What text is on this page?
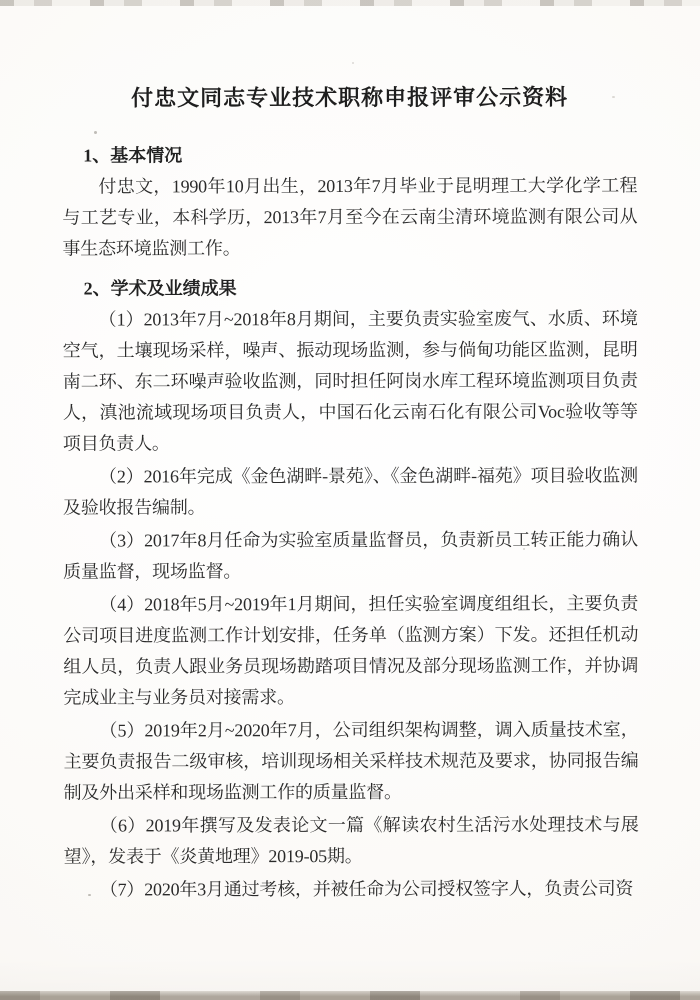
付忠文同志专业技术职称申报评审公示资料
1、基本情况

付忠文，1990年10月出生，2013年7月毕业于昆明理工大学化学工程与工艺专业，本科学历，2013年7月至今在云南尘清环境监测有限公司从事生态环境监测工作。

2、学术及业绩成果

（1）2013年7月~2018年8月期间，主要负责实验室废气、水质、环境空气，土壤现场采样，噪声、振动现场监测，参与倘甸功能区监测，昆明南二环、东二环噪声验收监测，同时担任阿岗水库工程环境监测项目负责人，滇池流域现场项目负责人，中国石化云南石化有限公司Voc验收等等项目负责人。

（2）2016年完成《金色湖畔-景苑》、《金色湖畔-福苑》项目验收监测及验收报告编制。

（3）2017年8月任命为实验室质量监督员，负责新员工转正能力确认质量监督，现场监督。

（4）2018年5月~2019年1月期间，担任实验室调度组组长，主要负责公司项目进度监测工作计划安排，任务单（监测方案）下发。还担任机动组人员，负责人跟业务员现场勘踏项目情况及部分现场监测工作，并协调完成业主与业务员对接需求。

（5）2019年2月~2020年7月，公司组织架构调整，调入质量技术室，主要负责报告二级审核，培训现场相关采样技术规范及要求，协同报告编制及外出采样和现场监测工作的质量监督。

（6）2019年撰写及发表论文一篇《解读农村生活污水处理技术与展望》，发表于《炎黄地理》2019-05期。

（7）2020年3月通过考核，并被任命为公司授权签字人，负责公司资
